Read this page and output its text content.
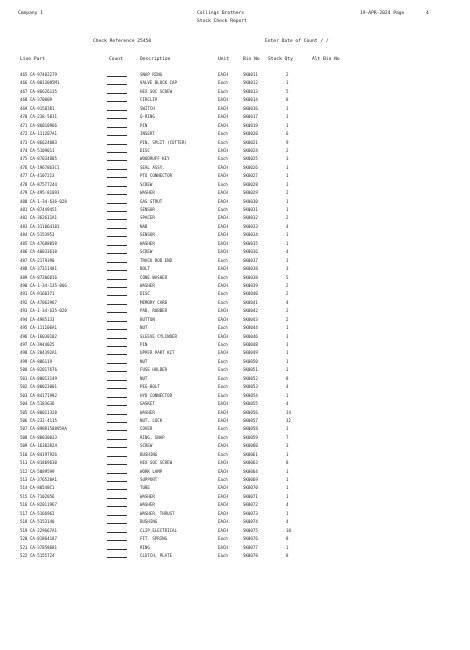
Company 1	Collings Brothers
Stock Check Report
19-APR-2024 Page	4
Check Reference 25450	Enter Date of Count / /
Line Part	Count	Description	Unit	Bin No Stock Qty	Alt Bin No
465 CA-97402279	SNAP RING	EACH	SK0011	2
466 CA-0013085M1	VALVE BLOCK CAP	Each	SK0012	1
467 CA-86626135	HEX SOC SCREW	Each	SK0013	5
468 CA-370009	CIRCLIP	EACH	SK0014	8
469 CA-9158381	SWITCH	EACH	SK0016	1
470 CA-238-5011	O-RING	EACH	SK0017	1
471 CA-86010966	PIN	EACH	SK0019	1
472 CA-111207A1	INSERT	Each	SK0020	6
473 CA-86624083	PIN, SPLIT (COTTER)	Each	SK0021	9
474 CA-5109011	DISC	EACH	SK0024	2
475 CA-87034805	WOODRUFF KEY	Each	SK0025	3
476 CA-1967863C1	SEAL ASSY.	EACH	SK0026	1
477 CA-4107213	PTO CONNECTOR	EACH	SK0027	1
478 CA-87577244	SCREW	Each	SK0028	1
479 CA-495-81093	WASHER	EACH	SK0029	2
480 CA-1-34-616-028	GAS STRUT	EACH	SK0030	1
481 CA-87449451	SENSOR	Each	SK0031	1
482 CA-362611A1	SPACER	EACH	SK0032	2
483 CA-311864181	NAB	EACH	SK0033	4
484 CA-5153951	SENSOR	EACH	SK0034	1
485 CA-47688058	WASHER	EACH	SK0035	1
486 CA-40033610	SCREW	EACH	SK0036	4
487 CA-2179390	TRACK ROD END	Each	SK0037	1
488 CA-37311481	BOLT	EACH	SK0038	3
489 CA-87306816	CONE WASHER	Each	SK0038	5
490 CA-1-34-135-066	WASHER	EACH	SK0039	2
491 CA-9160371	DISC	Each	SK0040	2
492 CA-47062967	MEMORY CARD	Each	SK0041	4
493 CA-1-34-635-020	PAD, RUBBER	EACH	SK0042	2
494 CA-4985133	BUTTON	EACH	SK0043	2
495 CA-111106A1	NUT	Each	SK0044	1
496 CA-16030182	SLEEVE CYLINDER	EACH	SK0046	1
497 CA-3944025	PIN	Each	SK0048	1
498 CA-284392A1	UPPER PART KIT	EACH	SK0049	1
499 CA-806119	NUT	Each	SK0050	1
500 CA-82017676	FUSE HOLDER	Each	SK0051	1
501 CA-80013149	NUT	Each	SK0052	8
502 CA-80023001	PEG-BOLT	Each	SK0053	4
503 CA-84171982	HYD CONNECTOR	Each	SK0054	1
504 CA-5183636	GASKET	EACH	SK0055	4
505 CA-80011320	WASHER	EACH	SK0056	14
506 CA-232-4115	NUT, LOCK	EACH	SK0057	32
507 CA-898R1588V5AA	COVER	Each	SK0058	1
508 CA-80030033	RING, SNAP	Each	SK0059	7
509 CA-16302824	SCREW	EACH	SK0060	3
510 CA-84197926	BUSHING	Each	SK0061	1
511 CA-81869630	HEX SOC SCREW	EACH	SK0063	8
512 CA-5089599	WORK LAMP	EACH	SK0064	1
513 CA-376520A1	SUPPORT	Each	SK0069	1
514 CA-80548C1	TUBE	EACH	SK0070	1
515 CA-7102056	WASHER	EACH	SK0071	1
516 CA-82011967	WASHER	EACH	SK0072	4
517 CA-5166962	WASHER, THRUST	EACH	SK0073	1
518 CA-5153140	BUSHING	EACH	SK0074	4
519 CA-229667A1	CLIP,ELECTRICAL	EACH	SK0075	10
520 CA-81864187	FIT. SPRING	Each	SK0076	8
521 CA-37858681	RING	EACH	SK0077	1
522 CA-5155724	CLUTCH, PLATE	Each	SK0078	8
